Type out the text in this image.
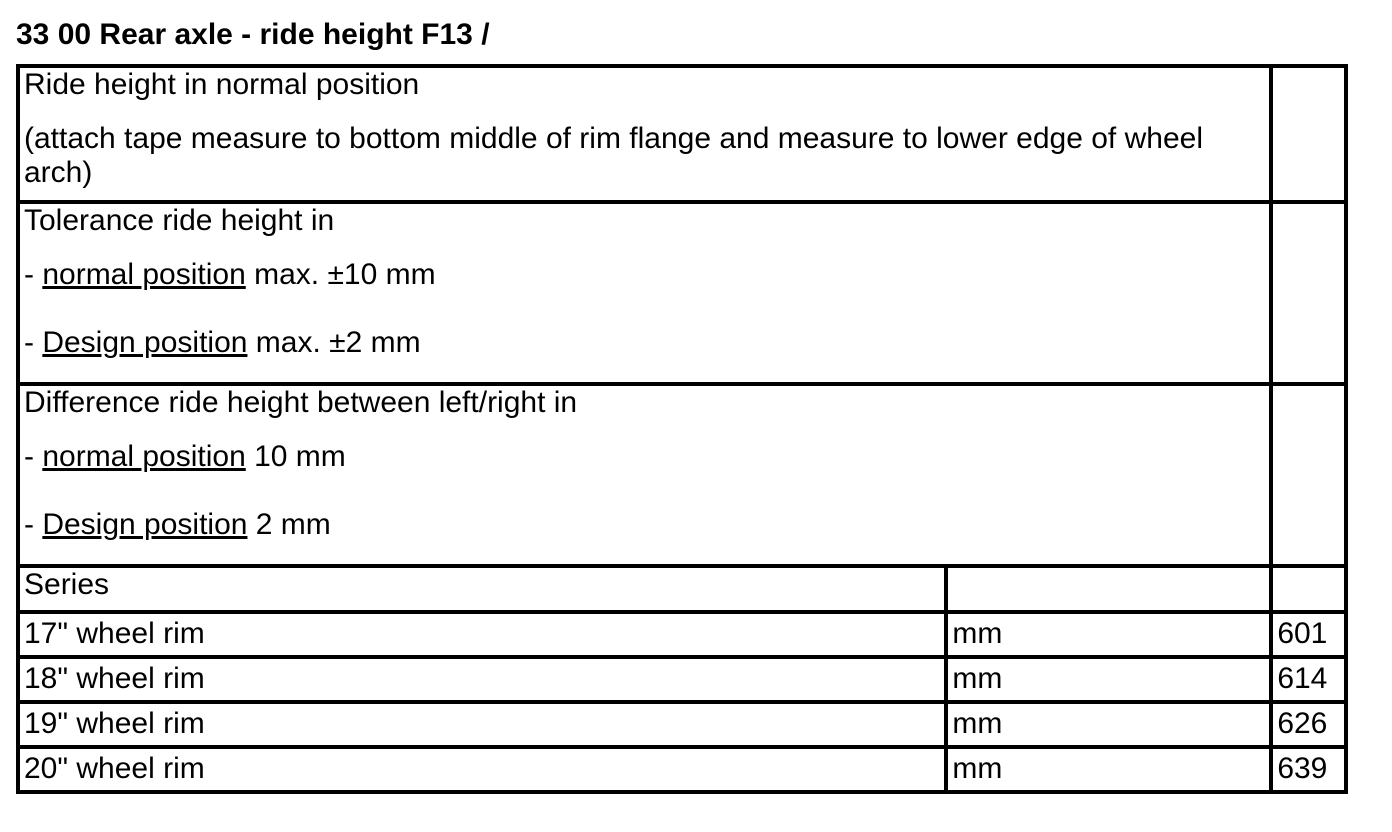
33 00 Rear axle - ride height F13 /

Ride height in normal position

(attach tape measure to bottom middle of rim flange and measure to lower edge of wheel arch)		

Tolerance ride height in

- normal position max. ±10 mm

- Design position max. ±2 mm		

Difference ride height between left/right in

- normal position 10 mm

- Design position 2 mm		

Series		
17" wheel rim	mm	601
18" wheel rim	mm	614
19" wheel rim	mm	626
20" wheel rim	mm	639
